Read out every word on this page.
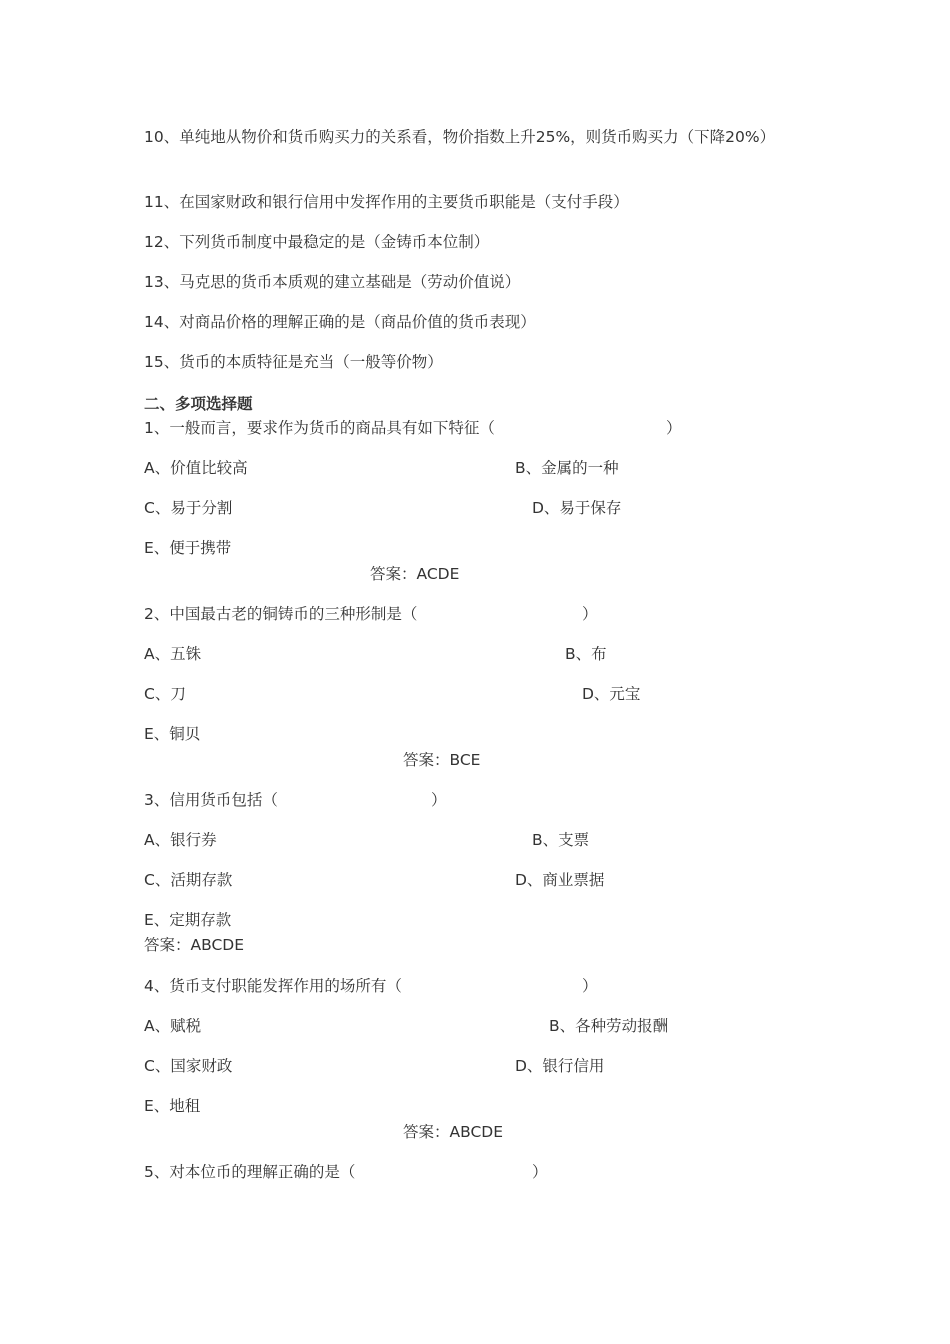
10、单纯地从物价和货币购买力的关系看，物价指数上升25%，则货币购买力（下降20%）
11、在国家财政和银行信用中发挥作用的主要货币职能是（支付手段）
12、下列货币制度中最稳定的是（金铸币本位制）
13、马克思的货币本质观的建立基础是（劳动价值说）
14、对商品价格的理解正确的是（商品价值的货币表现）
15、货币的本质特征是充当（一般等价物）
二、多项选择题
1、一般而言，要求作为货币的商品具有如下特征（	）
A、价值比较高	B、金属的一种
C、易于分割	D、易于保存
E、便于携带
答案：ACDE
2、中国最古老的铜铸币的三种形制是（	）
A、五铢	B、布
C、刀	D、元宝
E、铜贝
答案：BCE
3、信用货币包括（	）
A、银行券	B、支票
C、活期存款	D、商业票据
E、定期存款
答案：ABCDE
4、货币支付职能发挥作用的场所有（	）
A、赋税	B、各种劳动报酬
C、国家财政	D、银行信用
E、地租
答案：ABCDE
5、对本位币的理解正确的是（	）
